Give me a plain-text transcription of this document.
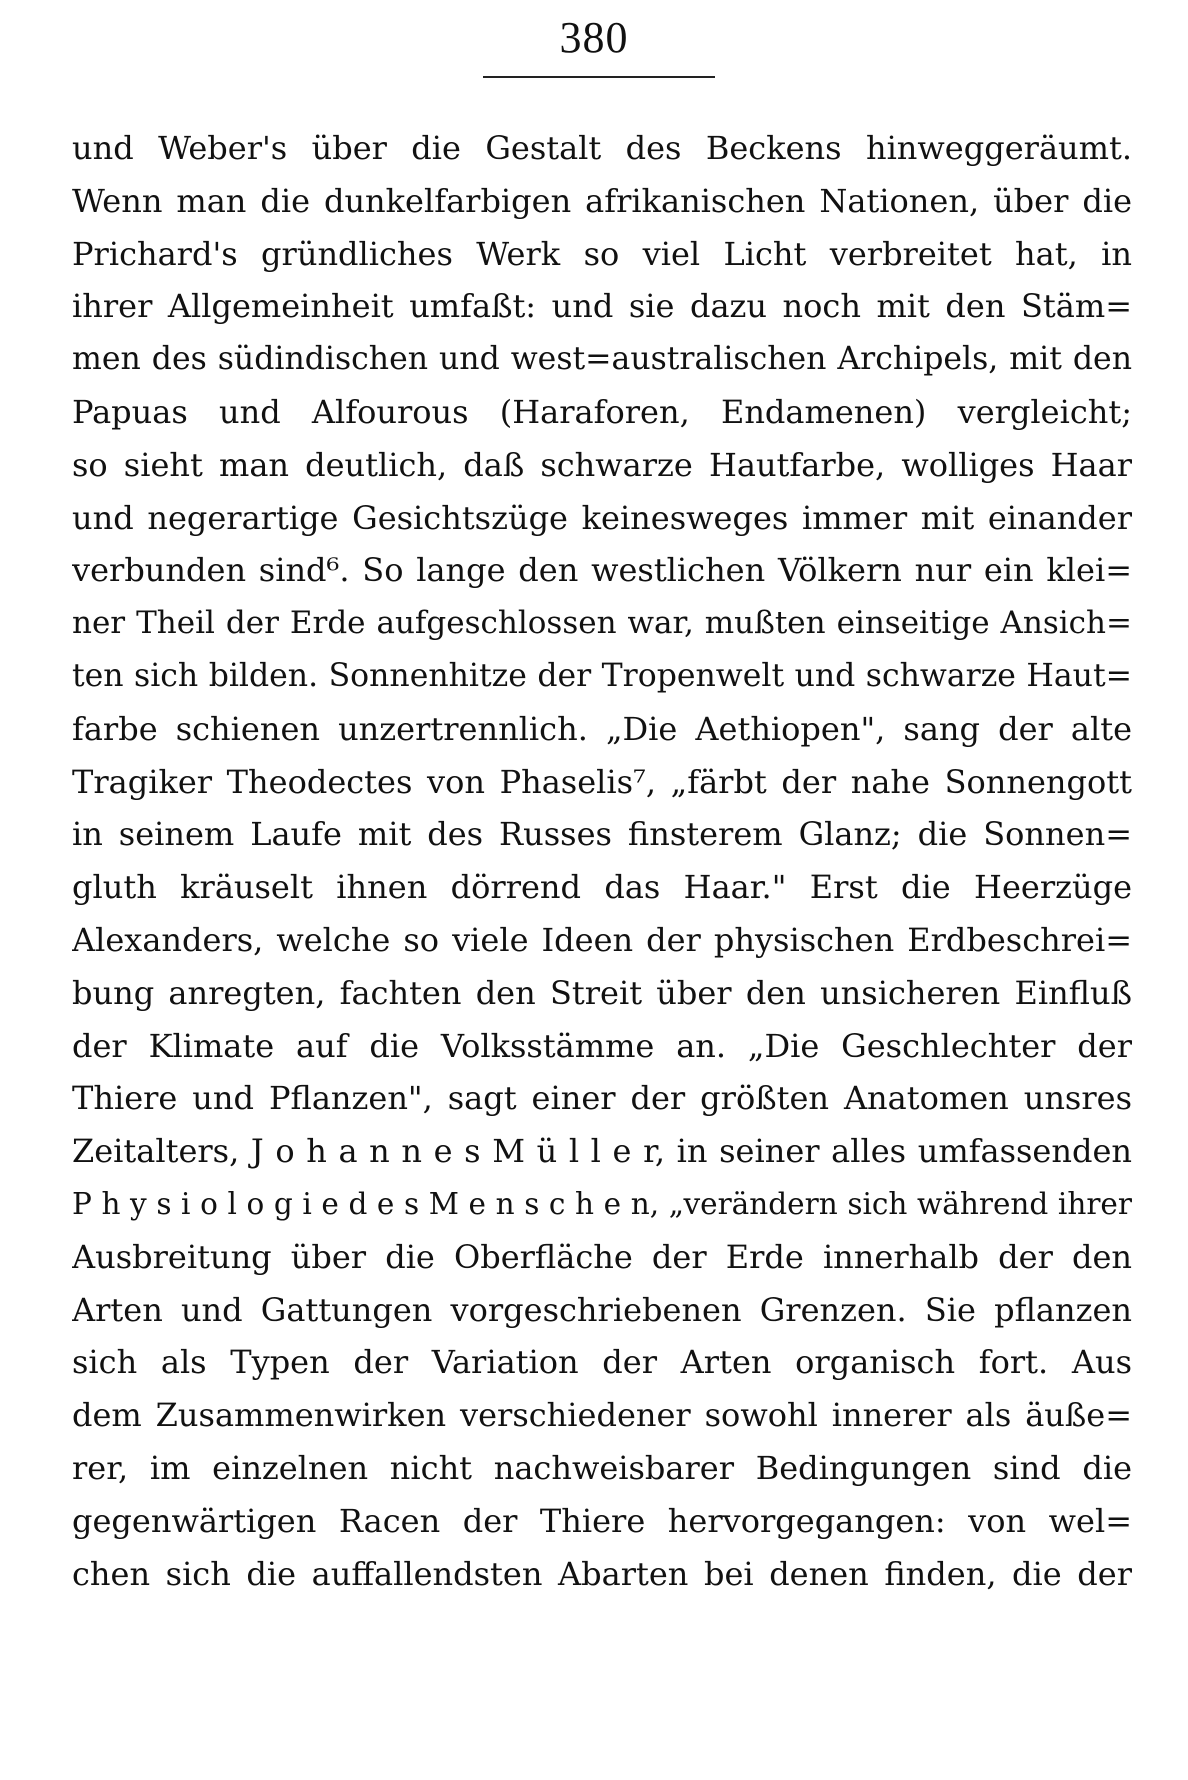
380
und Weber's über die Gestalt des Beckens hinweggeräumt.
Wenn man die dunkelfarbigen afrikanischen Nationen, über die
Prichard's gründliches Werk so viel Licht verbreitet hat, in
ihrer Allgemeinheit umfaßt: und sie dazu noch mit den Stäm=
men des südindischen und west=australischen Archipels, mit den
Papuas und Alfourous (Haraforen, Endamenen) vergleicht;
so sieht man deutlich, daß schwarze Hautfarbe, wolliges Haar
und negerartige Gesichtszüge keinesweges immer mit einander
verbunden sind⁶. So lange den westlichen Völkern nur ein klei=
ner Theil der Erde aufgeschlossen war, mußten einseitige Ansich=
ten sich bilden. Sonnenhitze der Tropenwelt und schwarze Haut=
farbe schienen unzertrennlich. „Die Aethiopen", sang der alte
Tragiker Theodectes von Phaselis⁷, „färbt der nahe Sonnengott
in seinem Laufe mit des Russes finsterem Glanz; die Sonnen=
gluth kräuselt ihnen dörrend das Haar." Erst die Heerzüge
Alexanders, welche so viele Ideen der physischen Erdbeschrei=
bung anregten, fachten den Streit über den unsicheren Einfluß
der Klimate auf die Volksstämme an. „Die Geschlechter der
Thiere und Pflanzen", sagt einer der größten Anatomen unsres
Zeitalters, J o h a n n e s M ü l l e r, in seiner alles umfassenden
P h y s i o l o g i e d e s M e n s c h e n, „verändern sich während ihrer
Ausbreitung über die Oberfläche der Erde innerhalb der den
Arten und Gattungen vorgeschriebenen Grenzen. Sie pflanzen
sich als Typen der Variation der Arten organisch fort. Aus
dem Zusammenwirken verschiedener sowohl innerer als äuße=
rer, im einzelnen nicht nachweisbarer Bedingungen sind die
gegenwärtigen Racen der Thiere hervorgegangen: von wel=
chen sich die auffallendsten Abarten bei denen finden, die der
